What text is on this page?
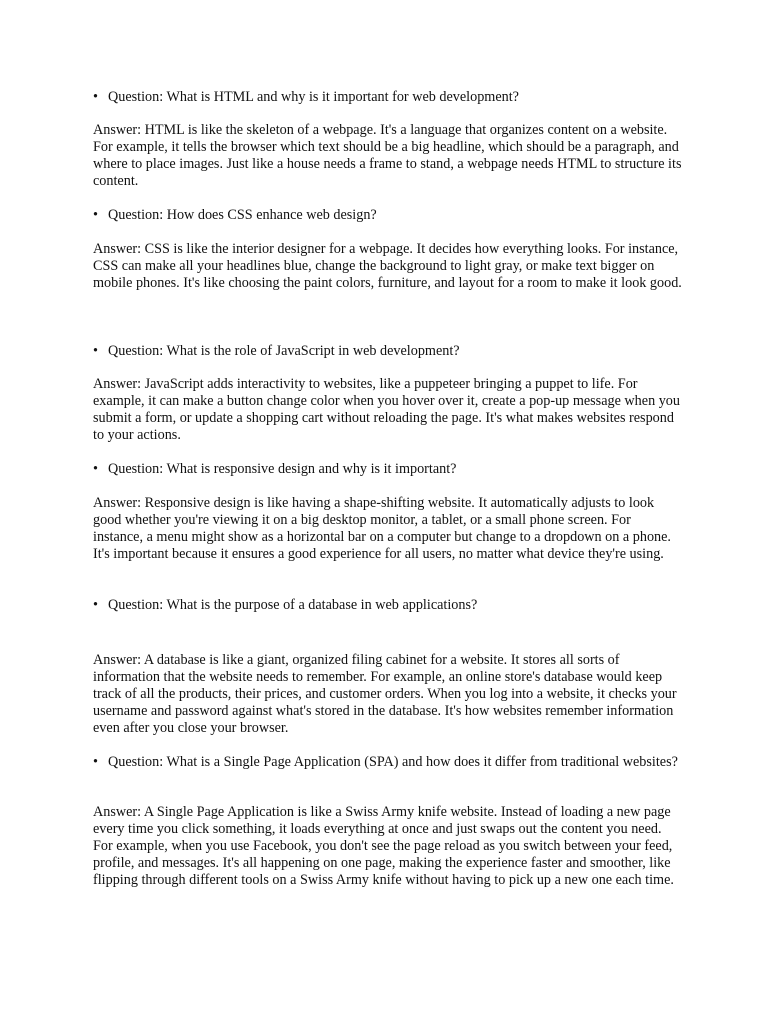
• Question: What is HTML and why is it important for web development?
Answer: HTML is like the skeleton of a webpage. It's a language that organizes content on a website. For example, it tells the browser which text should be a big headline, which should be a paragraph, and where to place images. Just like a house needs a frame to stand, a webpage needs HTML to structure its content.
• Question: How does CSS enhance web design?
Answer: CSS is like the interior designer for a webpage. It decides how everything looks. For instance, CSS can make all your headlines blue, change the background to light gray, or make text bigger on mobile phones. It's like choosing the paint colors, furniture, and layout for a room to make it look good.
• Question: What is the role of JavaScript in web development?
Answer: JavaScript adds interactivity to websites, like a puppeteer bringing a puppet to life. For example, it can make a button change color when you hover over it, create a pop-up message when you submit a form, or update a shopping cart without reloading the page. It's what makes websites respond to your actions.
• Question: What is responsive design and why is it important?
Answer: Responsive design is like having a shape-shifting website. It automatically adjusts to look good whether you're viewing it on a big desktop monitor, a tablet, or a small phone screen. For instance, a menu might show as a horizontal bar on a computer but change to a dropdown on a phone. It's important because it ensures a good experience for all users, no matter what device they're using.
• Question: What is the purpose of a database in web applications?
Answer: A database is like a giant, organized filing cabinet for a website. It stores all sorts of information that the website needs to remember. For example, an online store's database would keep track of all the products, their prices, and customer orders. When you log into a website, it checks your username and password against what's stored in the database. It's how websites remember information even after you close your browser.
• Question: What is a Single Page Application (SPA) and how does it differ from traditional websites?
Answer: A Single Page Application is like a Swiss Army knife website. Instead of loading a new page every time you click something, it loads everything at once and just swaps out the content you need. For example, when you use Facebook, you don't see the page reload as you switch between your feed, profile, and messages. It's all happening on one page, making the experience faster and smoother, like flipping through different tools on a Swiss Army knife without having to pick up a new one each time.
